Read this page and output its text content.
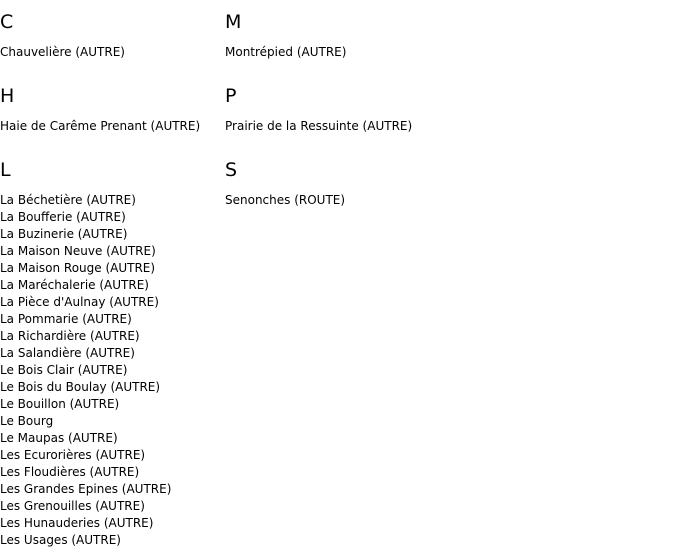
C
Chauvelière (AUTRE)
H
Haie de Carême Prenant (AUTRE)
L
La Béchetière (AUTRE)
La Boufferie (AUTRE)
La Buzinerie (AUTRE)
La Maison Neuve (AUTRE)
La Maison Rouge (AUTRE)
La Maréchalerie (AUTRE)
La Pièce d'Aulnay (AUTRE)
La Pommarie (AUTRE)
La Richardière (AUTRE)
La Salandière (AUTRE)
Le Bois Clair (AUTRE)
Le Bois du Boulay (AUTRE)
Le Bouillon (AUTRE)
Le Bourg
Le Maupas (AUTRE)
Les Ecurorières (AUTRE)
Les Floudières (AUTRE)
Les Grandes Epines (AUTRE)
Les Grenouilles (AUTRE)
Les Hunauderies (AUTRE)
Les Usages (AUTRE)
M
Montrépied (AUTRE)
P
Prairie de la Ressuinte (AUTRE)
S
Senonches (ROUTE)
